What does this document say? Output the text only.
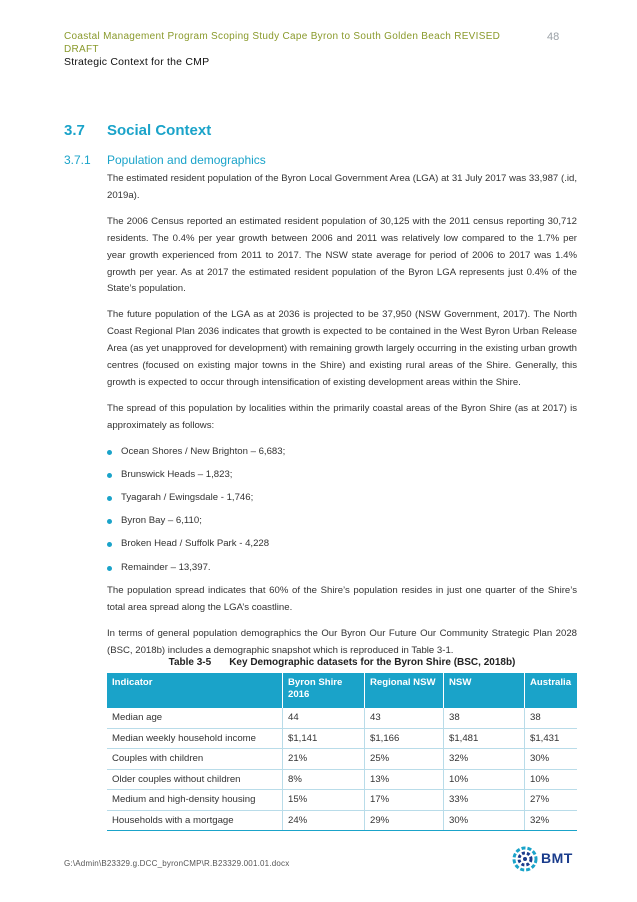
Coastal Management Program Scoping Study Cape Byron to South Golden Beach REVISED DRAFT
48
Strategic Context for the CMP
3.7 Social Context
3.7.1 Population and demographics

The estimated resident population of the Byron Local Government Area (LGA) at 31 July 2017 was 33,987 (.id, 2019a).

The 2006 Census reported an estimated resident population of 30,125 with the 2011 census reporting 30,712 residents. The 0.4% per year growth between 2006 and 2011 was relatively low compared to the 1.7% per year growth experienced from 2011 to 2017. The NSW state average for period of 2006 to 2017 was 1.4% growth per year. As at 2017 the estimated resident population of the Byron LGA represents just 0.4% of the State’s population.

The future population of the LGA as at 2036 is projected to be 37,950 (NSW Government, 2017). The North Coast Regional Plan 2036 indicates that growth is expected to be contained in the West Byron Urban Release Area (as yet unapproved for development) with remaining growth largely occurring in the existing urban growth centres (focused on existing major towns in the Shire) and existing rural areas of the Shire. Generally, this growth is expected to occur through intensification of existing development areas within the Shire.

The spread of this population by localities within the primarily coastal areas of the Byron Shire (as at 2017) is approximately as follows:

Ocean Shores / New Brighton – 6,683;
Brunswick Heads – 1,823;
Tyagarah / Ewingsdale - 1,746;
Byron Bay – 6,110;
Broken Head / Suffolk Park - 4,228
Remainder – 13,397.

The population spread indicates that 60% of the Shire’s population resides in just one quarter of the Shire’s total area spread along the LGA’s coastline.

In terms of general population demographics the Our Byron Our Future Our Community Strategic Plan 2028 (BSC, 2018b) includes a demographic snapshot which is reproduced in Table 3-1.

Table 3-5 Key Demographic datasets for the Byron Shire (BSC, 2018b)
Indicator	Byron Shire 2016	Regional NSW	NSW	Australia
Median age	44	43	38	38
Median weekly household income	$1,141	$1,166	$1,481	$1,431
Couples with children	21%	25%	32%	30%
Older couples without children	8%	13%	10%	10%
Medium and high-density housing	15%	17%	33%	27%
Households with a mortgage	24%	29%	30%	32%
G:\Admin\B23329.g.DCC_byronCMP\R.B23329.001.01.docx	BMT
